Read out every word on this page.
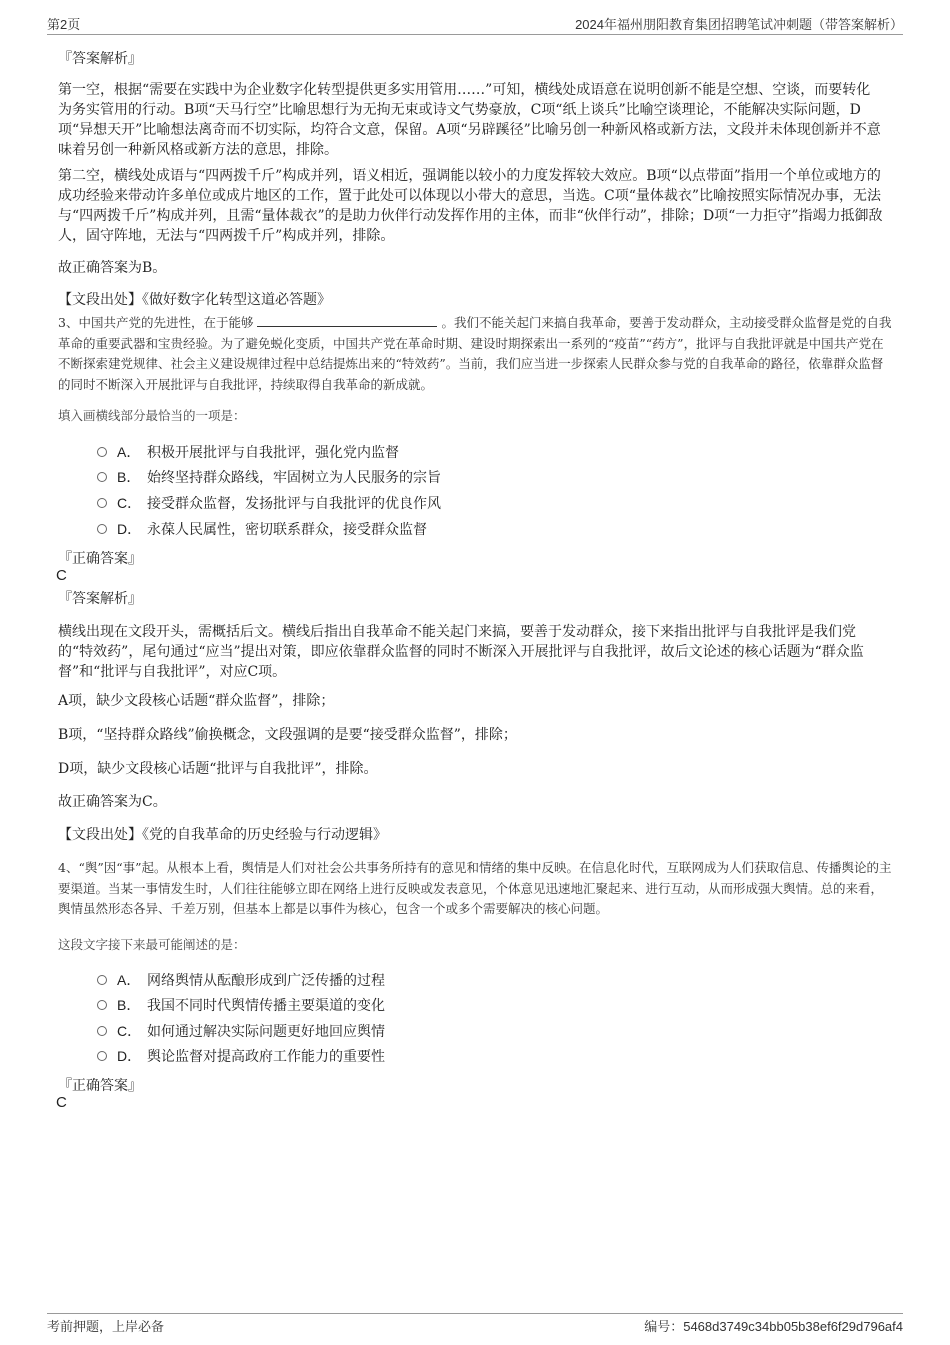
第2页	2024年福州朋阳教育集团招聘笔试冲刺题（带答案解析）
『答案解析』
第一空，根据“需要在实践中为企业数字化转型提供更多实用管用……”可知，横线处成语意在说明创新不能是空想、空谈，而要转化为务实管用的行动。B项“天马行空”比喻思想行为无拘无束或诗文气势豪放，C项“纸上谈兵”比喻空谈理论，不能解决实际问题，D项“异想天开”比喻想法离奇而不切实际，均符合文意，保留。A项“另辟蹊径”比喻另创一种新风格或新方法，文段并未体现创新并不意味着另创一种新风格或新方法的意思，排除。
第二空，横线处成语与“四两拨千斤”构成并列，语义相近，强调能以较小的力度发挥较大效应。B项“以点带面”指用一个单位或地方的成功经验来带动许多单位或成片地区的工作，置于此处可以体现以小带大的意思，当选。C项“量体裁衣”比喻按照实际情况办事，无法与“四两拨千斤”构成并列，且需“量体裁衣”的是助力伙伴行动发挥作用的主体，而非“伙伴行动”，排除；D项“一力拒守”指竭力抵御敌人，固守阵地，无法与“四两拨千斤”构成并列，排除。
故正确答案为B。
【文段出处】《做好数字化转型这道必答题》
3、中国共产党的先进性，在于能够	。我们不能关起门来搞自我革命，要善于发动群众，主动接受群众监督是党的自我革命的重要武器和宝贵经验。为了避免蜕化变质，中国共产党在革命时期、建设时期探索出一系列的“疫苗”“药方”，批评与自我批评就是中国共产党在不断探索建党规律、社会主义建设规律过程中总结提炼出来的“特效药”。当前，我们应当进一步探索人民群众参与党的自我革命的路径，依靠群众监督的同时不断深入开展批评与自我批评，持续取得自我革命的新成就。
填入画横线部分最恰当的一项是：
A． 积极开展批评与自我批评，强化党内监督
B． 始终坚持群众路线，牢固树立为人民服务的宗旨
C． 接受群众监督，发扬批评与自我批评的优良作风
D． 永葆人民属性，密切联系群众，接受群众监督
『正确答案』
C
『答案解析』
横线出现在文段开头，需概括后文。横线后指出自我革命不能关起门来搞，要善于发动群众，接下来指出批评与自我批评是我们党的“特效药”，尾句通过“应当”提出对策，即应依靠群众监督的同时不断深入开展批评与自我批评，故后文论述的核心话题为“群众监督”和“批评与自我批评”，对应C项。
A项，缺少文段核心话题“群众监督”，排除；
B项，“坚持群众路线”偷换概念，文段强调的是要“接受群众监督”，排除；
D项，缺少文段核心话题“批评与自我批评”，排除。
故正确答案为C。
【文段出处】《党的自我革命的历史经验与行动逻辑》
4、“舆”因“事”起。从根本上看，舆情是人们对社会公共事务所持有的意见和情绪的集中反映。在信息化时代，互联网成为人们获取信息、传播舆论的主要渠道。当某一事情发生时，人们往往能够立即在网络上进行反映或发表意见，个体意见迅速地汇聚起来、进行互动，从而形成强大舆情。总的来看，舆情虽然形态各异、千差万别，但基本上都是以事件为核心，包含一个或多个需要解决的核心问题。
这段文字接下来最可能阐述的是：
A． 网络舆情从酝酿形成到广泛传播的过程
B． 我国不同时代舆情传播主要渠道的变化
C． 如何通过解决实际问题更好地回应舆情
D． 舆论监督对提高政府工作能力的重要性
『正确答案』
C
考前押题，上岸必备	编号：5468d3749c34bb05b38ef6f29d796af4
